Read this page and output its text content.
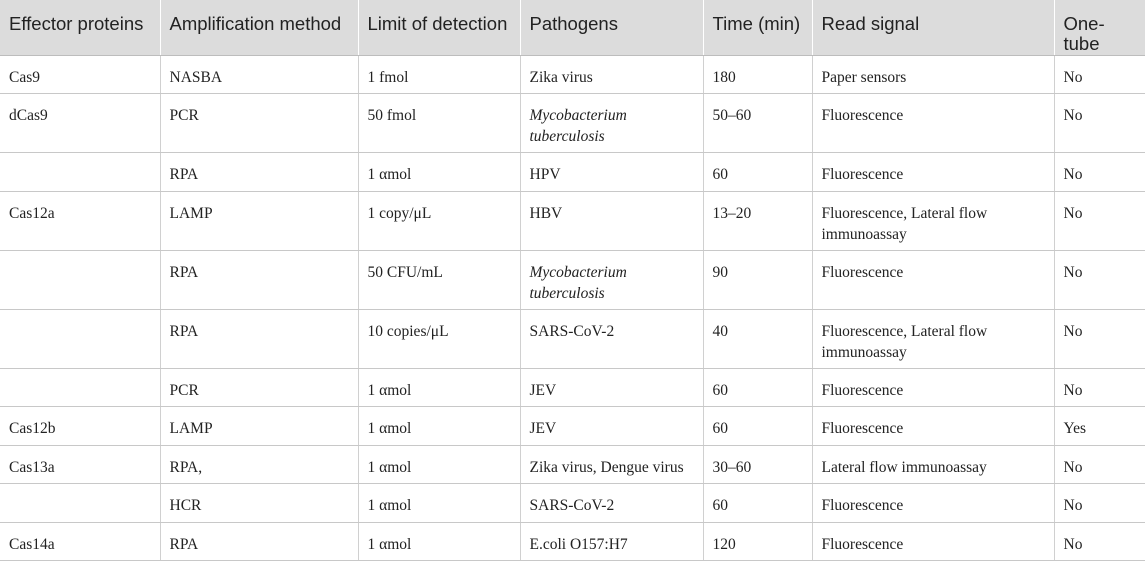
Effector proteins	Amplification method	Limit of detection	Pathogens	Time (min)	Read signal	One-tube
Cas9	NASBA	1 fmol	Zika virus	180	Paper sensors	No
dCas9	PCR	50 fmol	Mycobacterium tuberculosis	50–60	Fluorescence	No
	RPA	1 αmol	HPV	60	Fluorescence	No
Cas12a	LAMP	1 copy/μL	HBV	13–20	Fluorescence, Lateral flow immunoassay	No
	RPA	50 CFU/mL	Mycobacterium tuberculosis	90	Fluorescence	No
	RPA	10 copies/μL	SARS-CoV-2	40	Fluorescence, Lateral flow immunoassay	No
	PCR	1 αmol	JEV	60	Fluorescence	No
Cas12b	LAMP	1 αmol	JEV	60	Fluorescence	Yes
Cas13a	RPA,	1 αmol	Zika virus, Dengue virus	30–60	Lateral flow immunoassay	No
	HCR	1 αmol	SARS-CoV-2	60	Fluorescence	No
Cas14a	RPA	1 αmol	E.coli O157:H7	120	Fluorescence	No
